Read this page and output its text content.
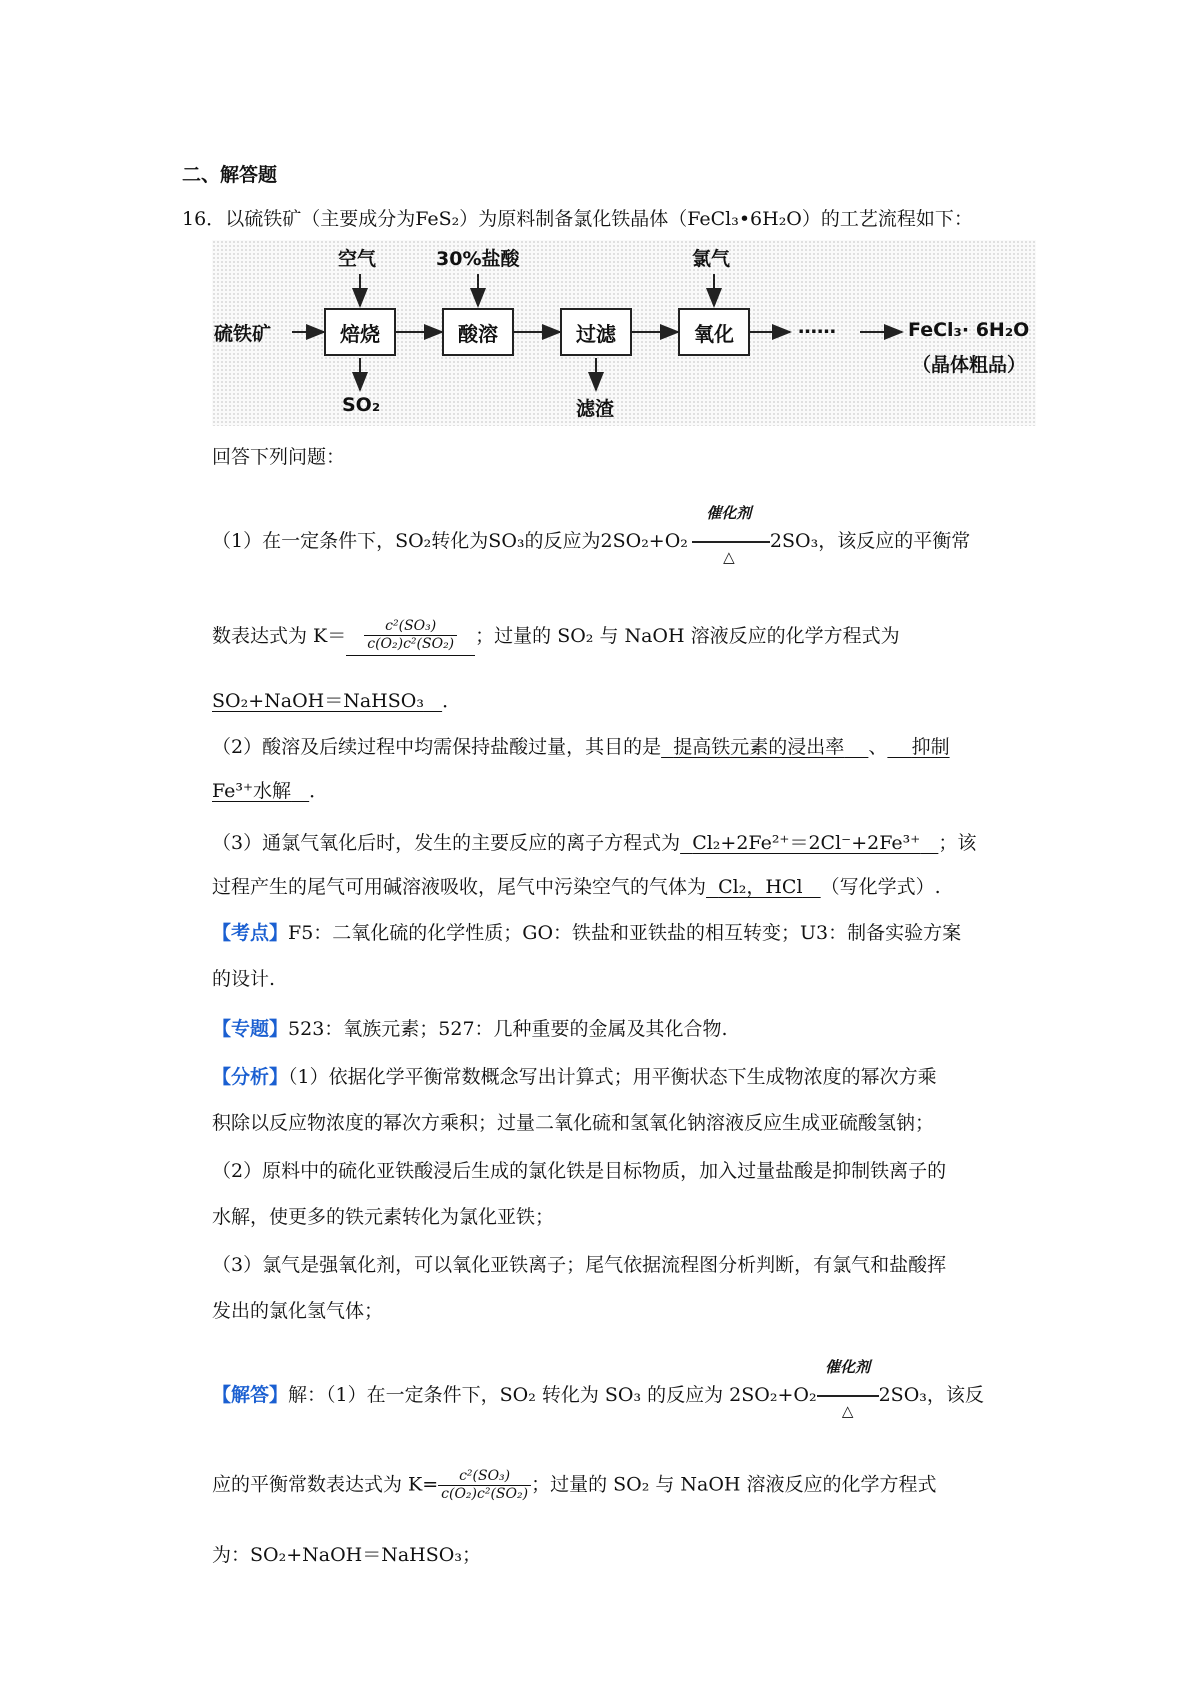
二、解答题
16．以硫铁矿（主要成分为FeS₂）为原料制备氯化铁晶体（FeCl₃•6H₂O）的工艺流程如下：
硫铁矿	焙烧	酸溶	过滤	氧化
空气	30%盐酸	氯气
SO₂	滤渣
……	FeCl₃· 6H₂O
（晶体粗品）
回答下列问题：
（1）在一定条件下，SO₂转化为SO₃的反应为2SO₂+O₂
催化剂
△
2SO₃，该反应的平衡常
数表达式为 $K= \frac{\text{c²(SO₃)}}{\text{c(O₂)c²(SO₂)}}$ ；过量的 SO₂ 与 NaOH 溶液反应的化学方程式为
SO₂+NaOH＝NaHSO₃ ．
（2）酸溶及后续过程中均需保持盐酸过量，其目的是 提高铁元素的浸出率 、 抑制
Fe³⁺水解 ．
（3）通氯气氧化后时，发生的主要反应的离子方程式为 Cl₂+2Fe²⁺＝2Cl⁻+2Fe³⁺ ；该
过程产生的尾气可用碱溶液吸收，尾气中污染空气的气体为 Cl₂，HCl （写化学式）.
【考点】F5：二氧化硫的化学性质；GO：铁盐和亚铁盐的相互转变；U3：制备实验方案
的设计.
【专题】523：氧族元素；527：几种重要的金属及其化合物.
【分析】（1）依据化学平衡常数概念写出计算式；用平衡状态下生成物浓度的幂次方乘
积除以反应物浓度的幂次方乘积；过量二氧化硫和氢氧化钠溶液反应生成亚硫酸氢钠；
（2）原料中的硫化亚铁酸浸后生成的氯化铁是目标物质，加入过量盐酸是抑制铁离子的
水解，使更多的铁元素转化为氯化亚铁；
（3）氯气是强氧化剂，可以氧化亚铁离子；尾气依据流程图分析判断，有氯气和盐酸挥
发出的氯化氢气体；
【解答】解：（1）在一定条件下，SO₂ 转化为 SO₃ 的反应为 2SO₂+O₂
催化剂
△
2SO₃，该反
应的平衡常数表达式为 $K= \frac{\text{c²(SO₃)}}{\text{c(O₂)c²(SO₂)}}$ ；过量的 SO₂ 与 NaOH 溶液反应的化学方程式
为：SO₂+NaOH＝NaHSO₃；
